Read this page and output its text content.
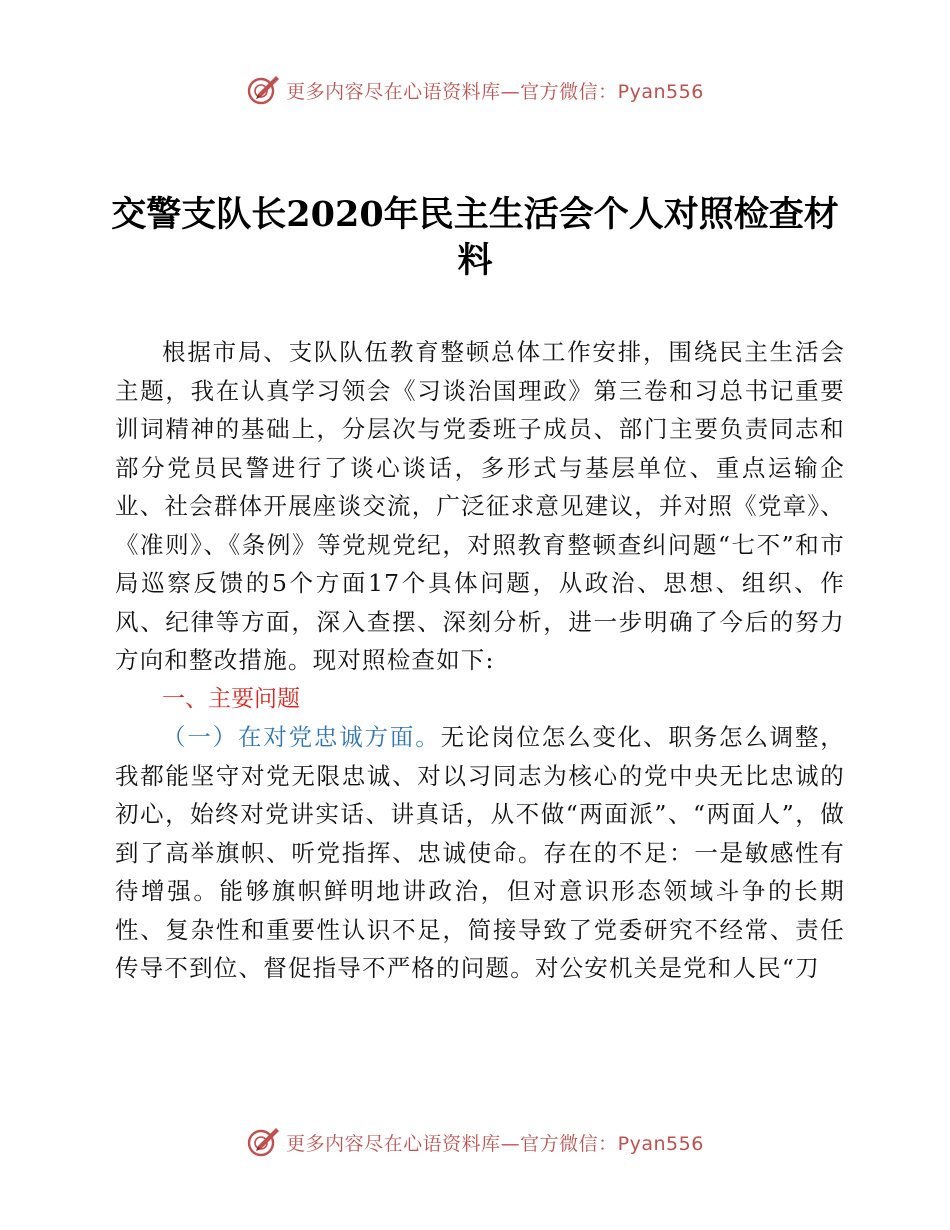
更多内容尽在心语资料库—官方微信：Pyan556
交警支队长2020年民主生活会个人对照检查材料

根据市局、支队队伍教育整顿总体工作安排，围绕民主生活会主题，我在认真学习领会《习谈治国理政》第三卷和习总书记重要训词精神的基础上，分层次与党委班子成员、部门主要负责同志和部分党员民警进行了谈心谈话，多形式与基层单位、重点运输企业、社会群体开展座谈交流，广泛征求意见建议，并对照《党章》、《准则》、《条例》等党规党纪，对照教育整顿查纠问题“七不”和市局巡察反馈的5个方面17个具体问题，从政治、思想、组织、作风、纪律等方面，深入查摆、深刻分析，进一步明确了今后的努力方向和整改措施。现对照检查如下:

一、主要问题

（一）在对党忠诚方面。无论岗位怎么变化、职务怎么调整，我都能坚守对党无限忠诚、对以习同志为核心的党中央无比忠诚的初心，始终对党讲实话、讲真话，从不做“两面派”、“两面人”，做到了高举旗帜、听党指挥、忠诚使命。存在的不足：一是敏感性有待增强。能够旗帜鲜明地讲政治，但对意识形态领域斗争的长期性、复杂性和重要性认识不足，简接导致了党委研究不经常、责任传导不到位、督促指导不严格的问题。对公安机关是党和人民“刀

更多内容尽在心语资料库—官方微信：Pyan556
